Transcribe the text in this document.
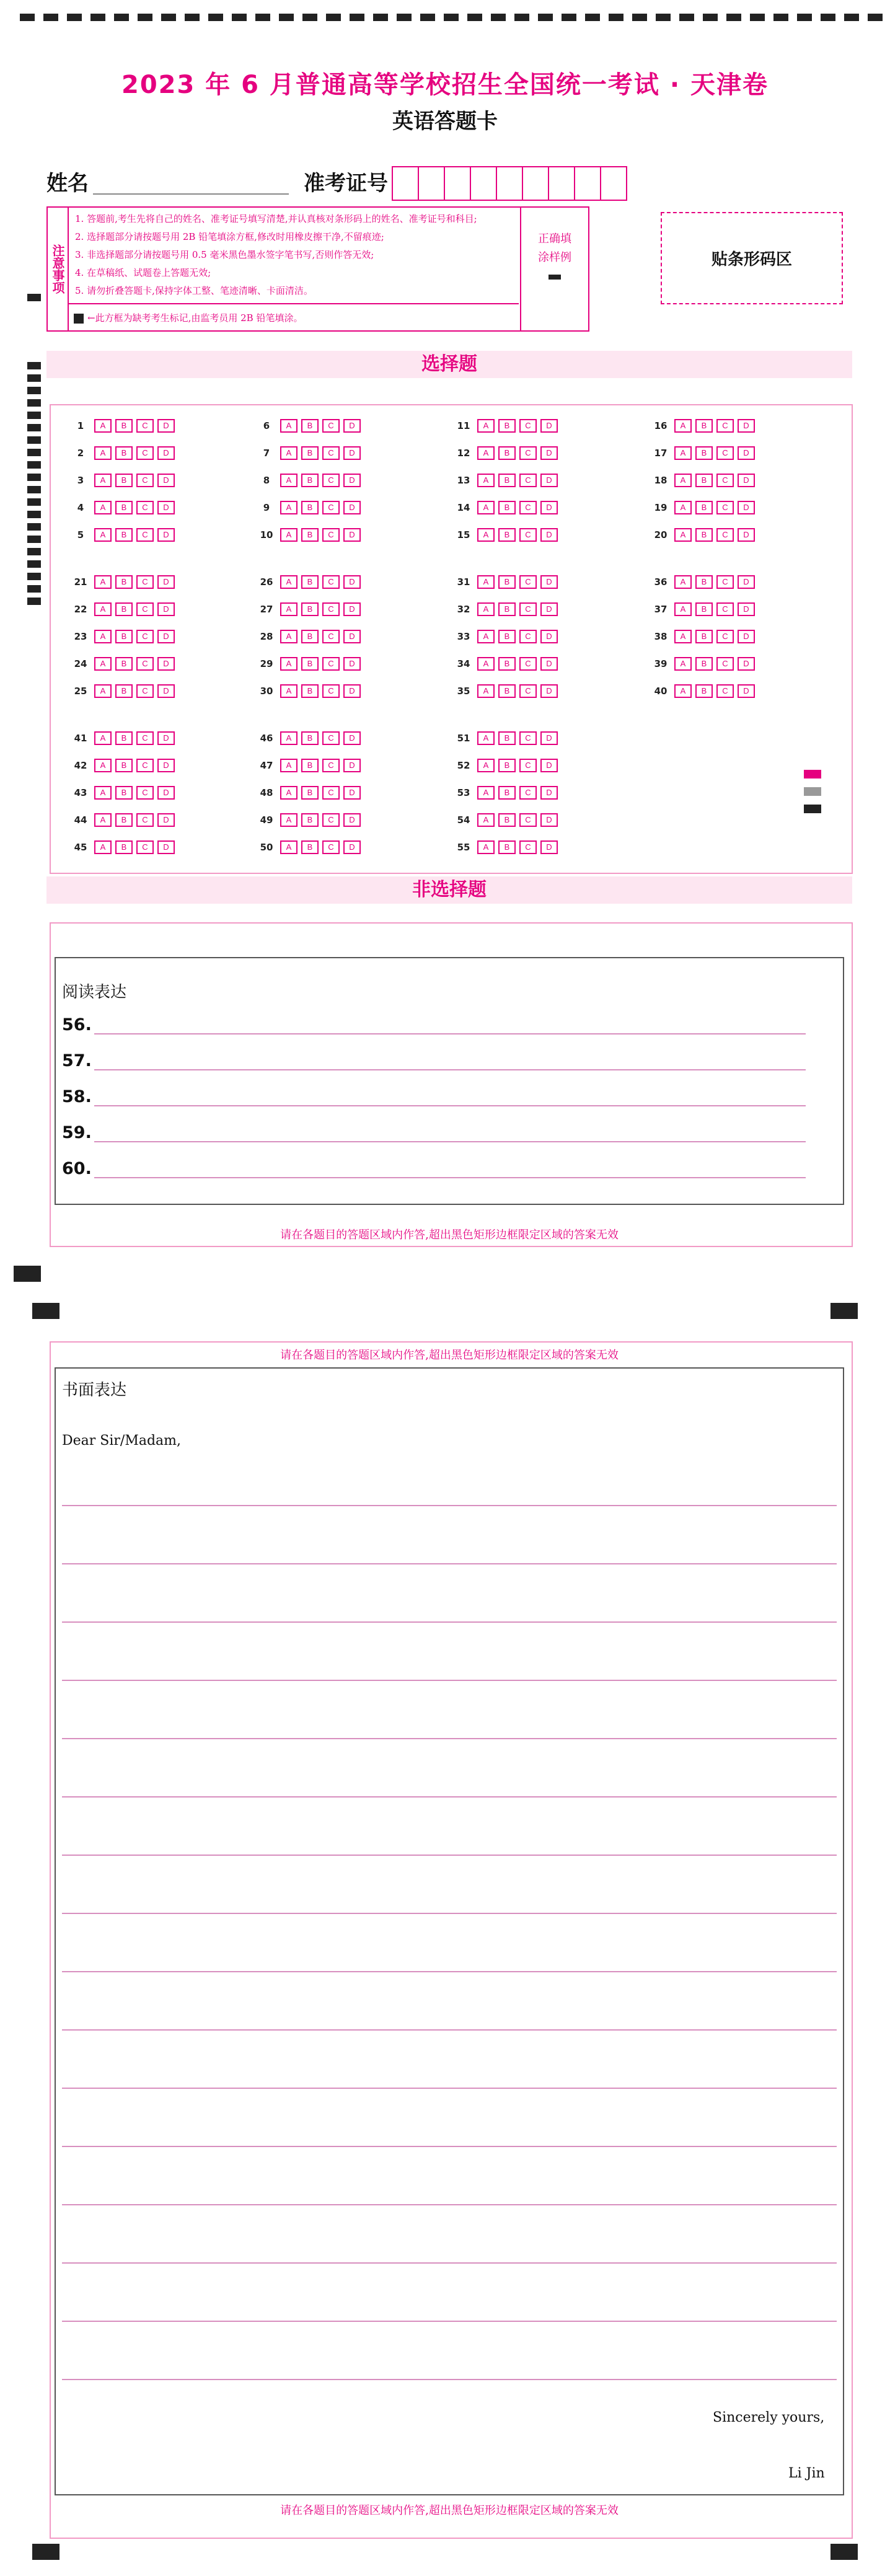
2023 年 6 月普通高等学校招生全国统一考试 · 天津卷
英语答题卡
姓名	准考证号
注意事项
1. 答题前,考生先将自己的姓名、准考证号填写清楚,并认真核对条形码上的姓名、准考证号和科目;
2. 选择题部分请按题号用 2B 铅笔填涂方框,修改时用橡皮擦干净,不留痕迹;
3. 非选择题部分请按题号用 0.5 毫米黑色墨水签字笔书写,否则作答无效;
4. 在草稿纸、试题卷上答题无效;
5. 请勿折叠答题卡,保持字体工整、笔迹清晰、卡面清洁。
正确填涂样例
←此方框为缺考考生标记,由监考员用 2B 铅笔填涂。
贴条形码区
选择题
1	A	B	C	D
2	A	B	C	D
3	A	B	C	D
4	A	B	C	D
5	A	B	C	D
6	A	B	C	D
7	A	B	C	D
8	A	B	C	D
9	A	B	C	D
10	A	B	C	D
11	A	B	C	D
12	A	B	C	D
13	A	B	C	D
14	A	B	C	D
15	A	B	C	D
16	A	B	C	D
17	A	B	C	D
18	A	B	C	D
19	A	B	C	D
20	A	B	C	D
21	A	B	C	D
22	A	B	C	D
23	A	B	C	D
24	A	B	C	D
25	A	B	C	D
26	A	B	C	D
27	A	B	C	D
28	A	B	C	D
29	A	B	C	D
30	A	B	C	D
31	A	B	C	D
32	A	B	C	D
33	A	B	C	D
34	A	B	C	D
35	A	B	C	D
36	A	B	C	D
37	A	B	C	D
38	A	B	C	D
39	A	B	C	D
40	A	B	C	D
41	A	B	C	D
42	A	B	C	D
43	A	B	C	D
44	A	B	C	D
45	A	B	C	D
46	A	B	C	D
47	A	B	C	D
48	A	B	C	D
49	A	B	C	D
50	A	B	C	D
51	A	B	C	D
52	A	B	C	D
53	A	B	C	D
54	A	B	C	D
55	A	B	C	D
非选择题
阅读表达
56.
57.
58.
59.
60.
请在各题目的答题区域内作答,超出黑色矩形边框限定区域的答案无效
请在各题目的答题区域内作答,超出黑色矩形边框限定区域的答案无效
书面表达
Dear Sir/Madam,
Sincerely yours,
Li Jin
请在各题目的答题区域内作答,超出黑色矩形边框限定区域的答案无效
